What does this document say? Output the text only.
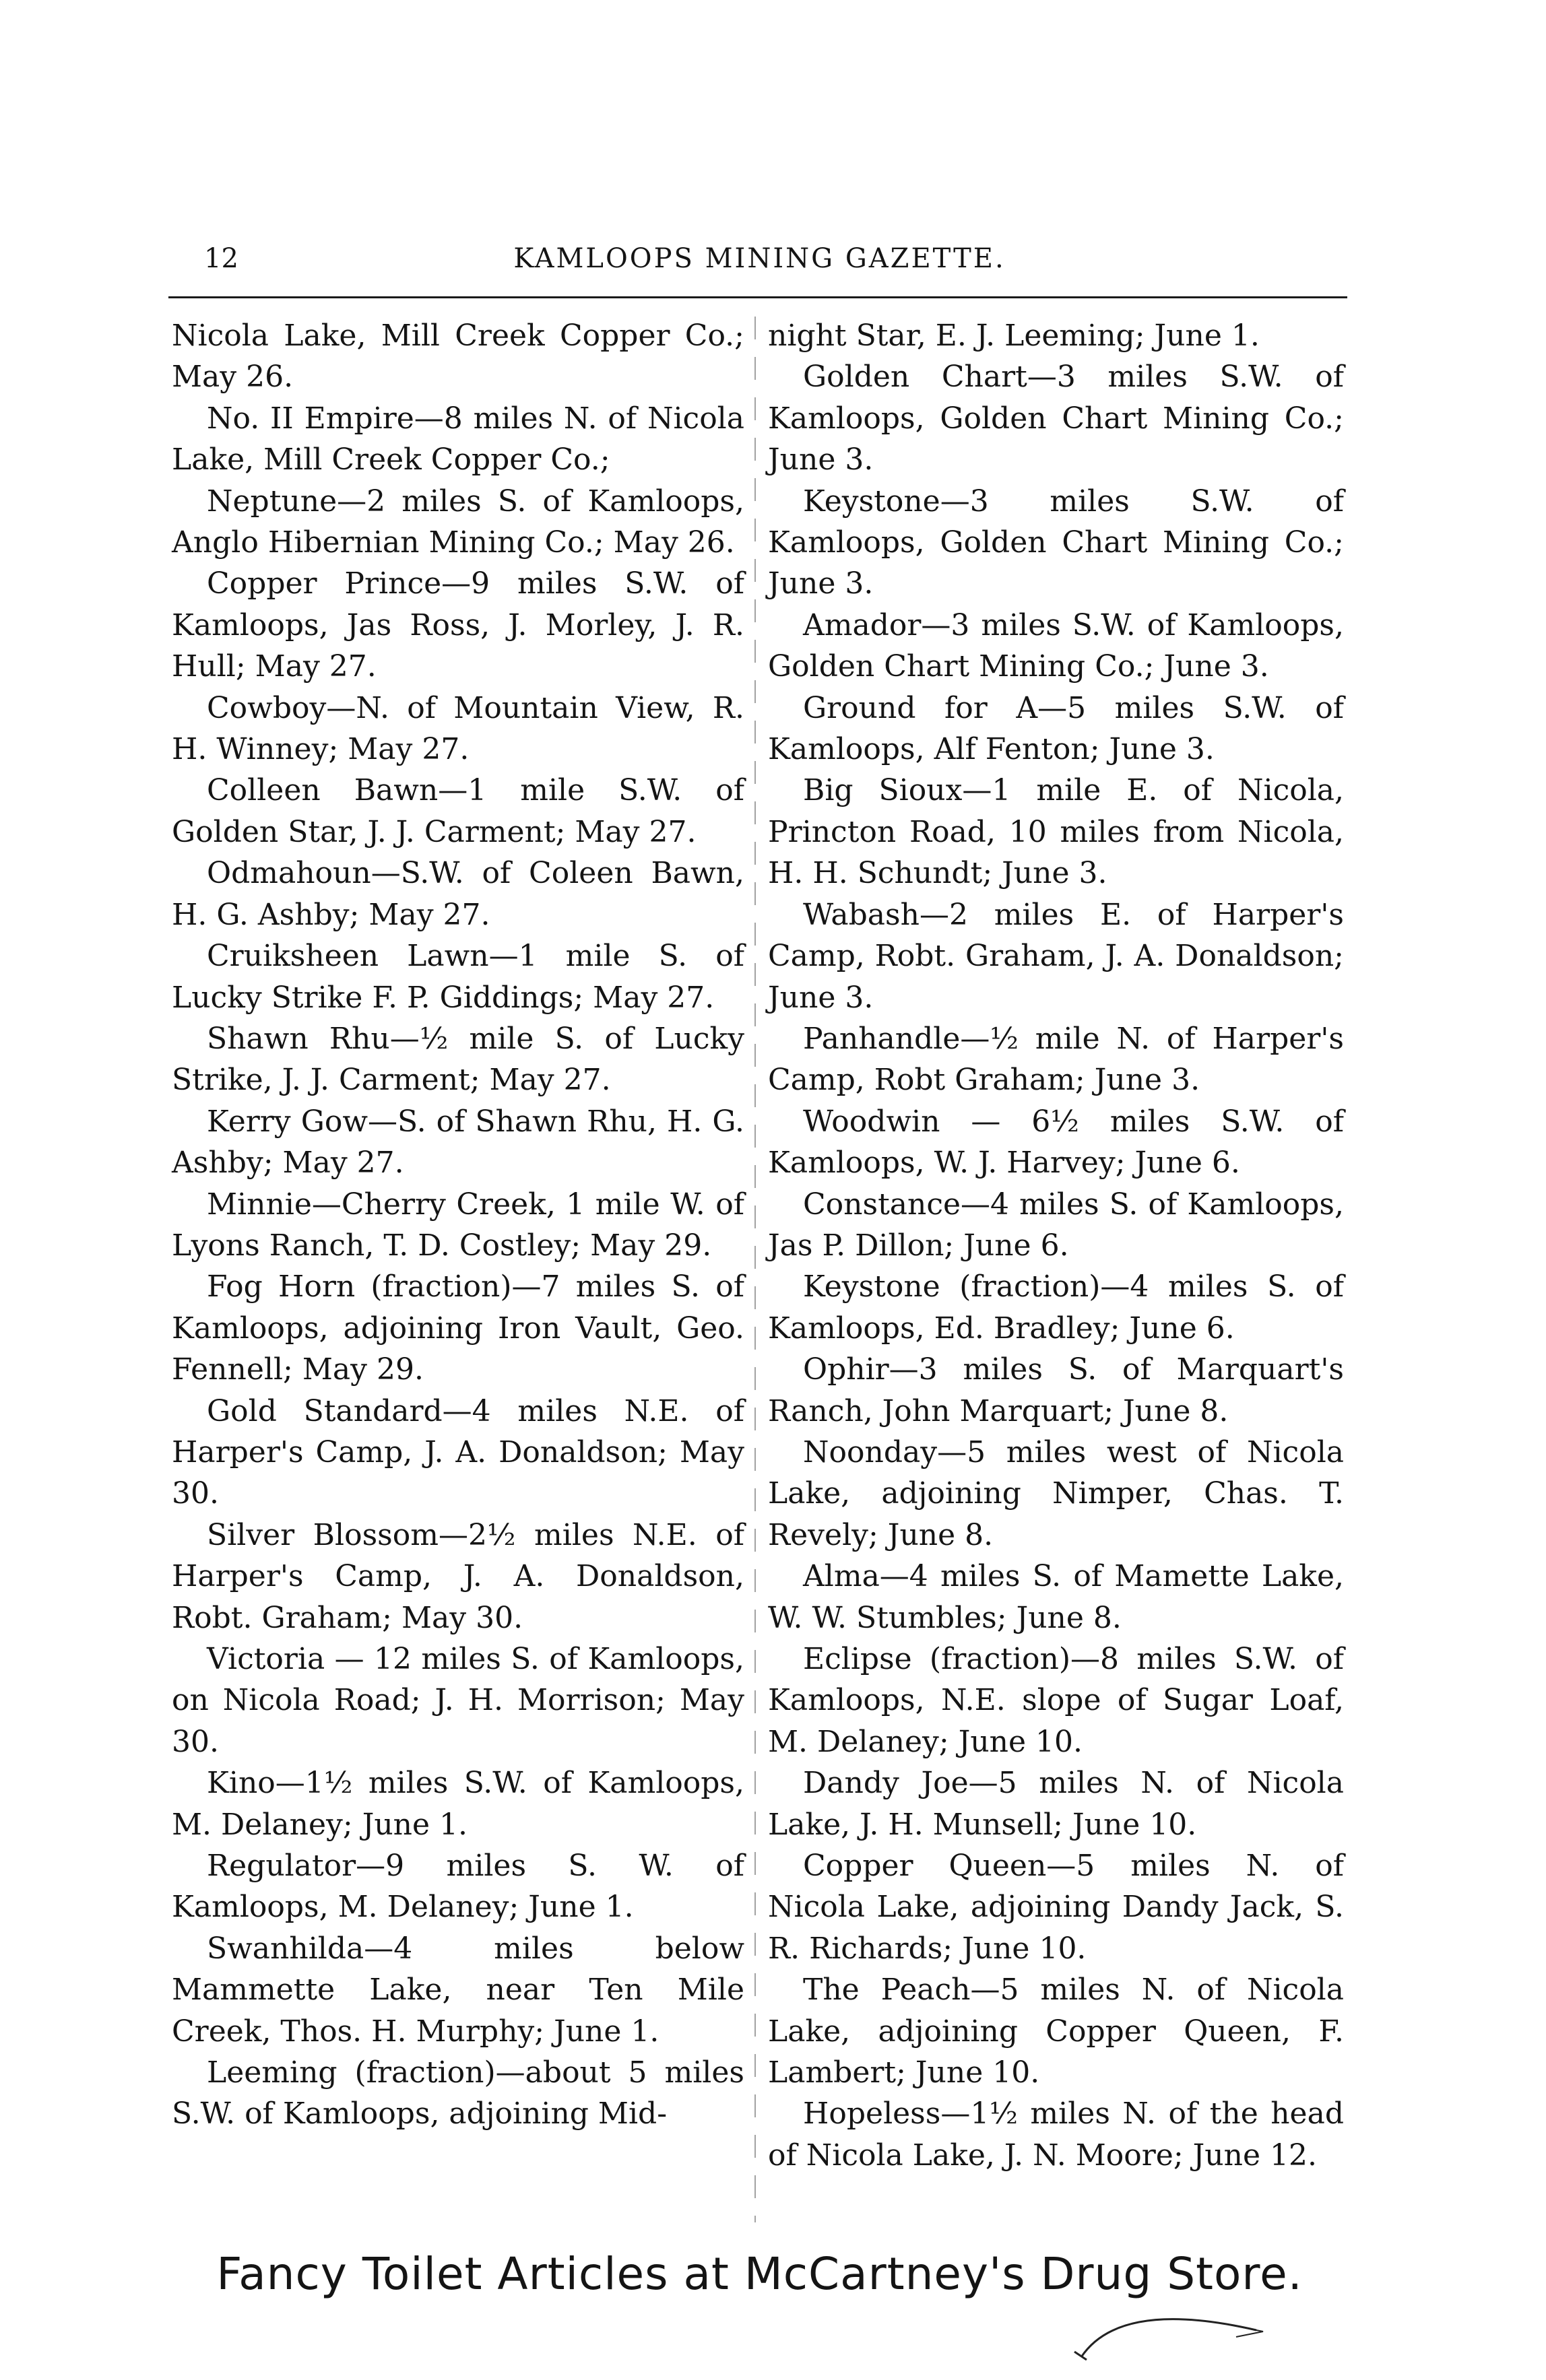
12	KAMLOOPS MINING GAZETTE.

Nicola Lake, Mill Creek Copper Co.; May 26.

No. II Empire—8 miles N. of Nicola Lake, Mill Creek Copper Co.;

Neptune—2 miles S. of Kamloops, Anglo Hibernian Mining Co.; May 26.

Copper Prince—9 miles S.W. of Kamloops, Jas Ross, J. Morley, J. R. Hull; May 27.

Cowboy—N. of Mountain View, R. H. Winney; May 27.

Colleen Bawn—1 mile S.W. of Golden Star, J. J. Carment; May 27.

Odmahoun—S.W. of Coleen Bawn, H. G. Ashby; May 27.

Cruiksheen Lawn—1 mile S. of Lucky Strike F. P. Giddings; May 27.

Shawn Rhu—½ mile S. of Lucky Strike, J. J. Carment; May 27.

Kerry Gow—S. of Shawn Rhu, H. G. Ashby; May 27.

Minnie—Cherry Creek, 1 mile W. of Lyons Ranch, T. D. Costley; May 29.

Fog Horn (fraction)—7 miles S. of Kamloops, adjoining Iron Vault, Geo. Fennell; May 29.

Gold Standard—4 miles N.E. of Harper's Camp, J. A. Donaldson; May 30.

Silver Blossom—2½ miles N.E. of Harper's Camp, J. A. Donaldson, Robt. Graham; May 30.

Victoria — 12 miles S. of Kamloops, on Nicola Road; J. H. Morrison; May 30.

Kino—1½ miles S.W. of Kamloops, M. Delaney; June 1.

Regulator—9 miles S. W. of Kamloops, M. Delaney; June 1.

Swanhilda—4 miles below Mammette Lake, near Ten Mile Creek, Thos. H. Murphy; June 1.

Leeming (fraction)—about 5 miles S.W. of Kamloops, adjoining Mid-

night Star, E. J. Leeming; June 1.

Golden Chart—3 miles S.W. of Kamloops, Golden Chart Mining Co.; June 3.

Keystone—3 miles S.W. of Kamloops, Golden Chart Mining Co.; June 3.

Amador—3 miles S.W. of Kamloops, Golden Chart Mining Co.; June 3.

Ground for A—5 miles S.W. of Kamloops, Alf Fenton; June 3.

Big Sioux—1 mile E. of Nicola, Princton Road, 10 miles from Nicola, H. H. Schundt; June 3.

Wabash—2 miles E. of Harper's Camp, Robt. Graham, J. A. Donaldson; June 3.

Panhandle—½ mile N. of Harper's Camp, Robt Graham; June 3.

Woodwin — 6½ miles S.W. of Kamloops, W. J. Harvey; June 6.

Constance—4 miles S. of Kamloops, Jas P. Dillon; June 6.

Keystone (fraction)—4 miles S. of Kamloops, Ed. Bradley; June 6.

Ophir—3 miles S. of Marquart's Ranch, John Marquart; June 8.

Noonday—5 miles west of Nicola Lake, adjoining Nimper, Chas. T. Revely; June 8.

Alma—4 miles S. of Mamette Lake, W. W. Stumbles; June 8.

Eclipse (fraction)—8 miles S.W. of Kamloops, N.E. slope of Sugar Loaf, M. Delaney; June 10.

Dandy Joe—5 miles N. of Nicola Lake, J. H. Munsell; June 10.

Copper Queen—5 miles N. of Nicola Lake, adjoining Dandy Jack, S. R. Richards; June 10.

The Peach—5 miles N. of Nicola Lake, adjoining Copper Queen, F. Lambert; June 10.

Hopeless—1½ miles N. of the head of Nicola Lake, J. N. Moore; June 12.

Fancy Toilet Articles at McCartney's Drug Store.
